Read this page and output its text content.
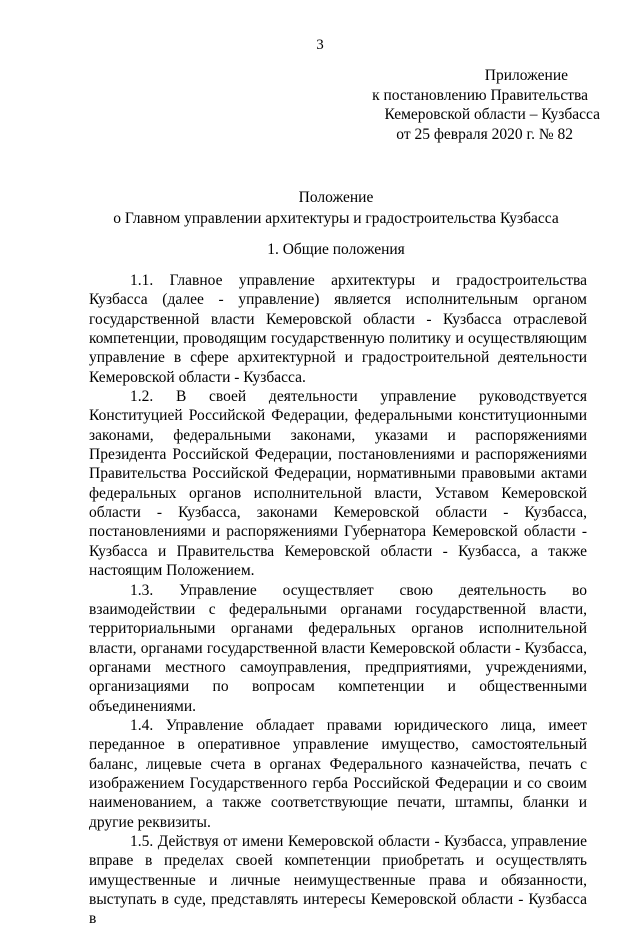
3
Приложение
к постановлению Правительства
Кемеровской области – Кузбасса
от 25 февраля 2020 г. № 82
Положение
о Главном управлении архитектуры и градостроительства Кузбасса
1. Общие положения

1.1. Главное управление архитектуры и градостроительства Кузбасса (далее - управление) является исполнительным органом государственной власти Кемеровской области - Кузбасса отраслевой компетенции, проводящим государственную политику и осуществляющим управление в сфере архитектурной и градостроительной деятельности Кемеровской области - Кузбасса.

1.2. В своей деятельности управление руководствуется Конституцией Российской Федерации, федеральными конституционными законами, федеральными законами, указами и распоряжениями Президента Российской Федерации, постановлениями и распоряжениями Правительства Российской Федерации, нормативными правовыми актами федеральных органов исполнительной власти, Уставом Кемеровской области - Кузбасса, законами Кемеровской области - Кузбасса, постановлениями и распоряжениями Губернатора Кемеровской области - Кузбасса и Правительства Кемеровской области - Кузбасса, а также настоящим Положением.

1.3. Управление осуществляет свою деятельность во взаимодействии с федеральными органами государственной власти, территориальными органами федеральных органов исполнительной власти, органами государственной власти Кемеровской области - Кузбасса, органами местного самоуправления, предприятиями, учреждениями, организациями по вопросам компетенции и общественными объединениями.

1.4. Управление обладает правами юридического лица, имеет переданное в оперативное управление имущество, самостоятельный баланс, лицевые счета в органах Федерального казначейства, печать с изображением Государственного герба Российской Федерации и со своим наименованием, а также соответствующие печати, штампы, бланки и другие реквизиты.

1.5. Действуя от имени Кемеровской области - Кузбасса, управление вправе в пределах своей компетенции приобретать и осуществлять имущественные и личные неимущественные права и обязанности, выступать в суде, представлять интересы Кемеровской области - Кузбасса в
